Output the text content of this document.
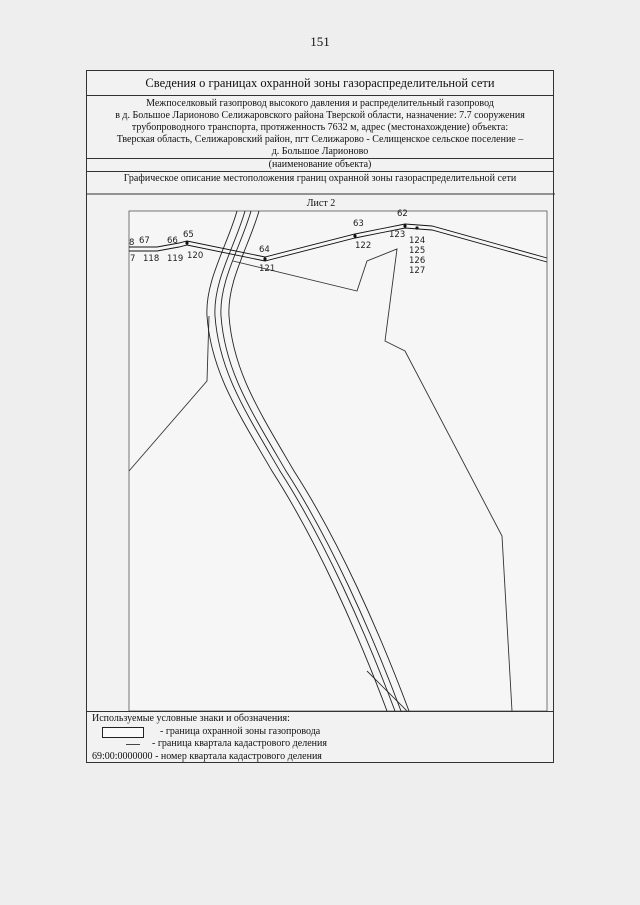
151
Сведения о границах охранной зоны газораспределительной сети
Межпоселковый газопровод высокого давления и распределительный газопровод
в д. Большое Ларионово Селижаровского района Тверской области, назначение: 7.7 сооружения
трубопроводного транспорта, протяженность 7632 м, адрес (местонахождение) объекта:
Тверская область, Селижаровский район, пгт Селижарово - Селищенское сельское поселение –
д. Большое Ларионово
(наименование объекта)
Графическое описание местоположения границ охранной зоны газораспределительной сети
Лист 2
8 67 66
65
64
63
62
7 118 119 120
121
122
123
124
125
126
127
Используемые условные знаки и обозначения:
- граница охранной зоны газопровода
- граница квартала кадастрового деления
69:00:0000000 - номер квартала кадастрового деления
